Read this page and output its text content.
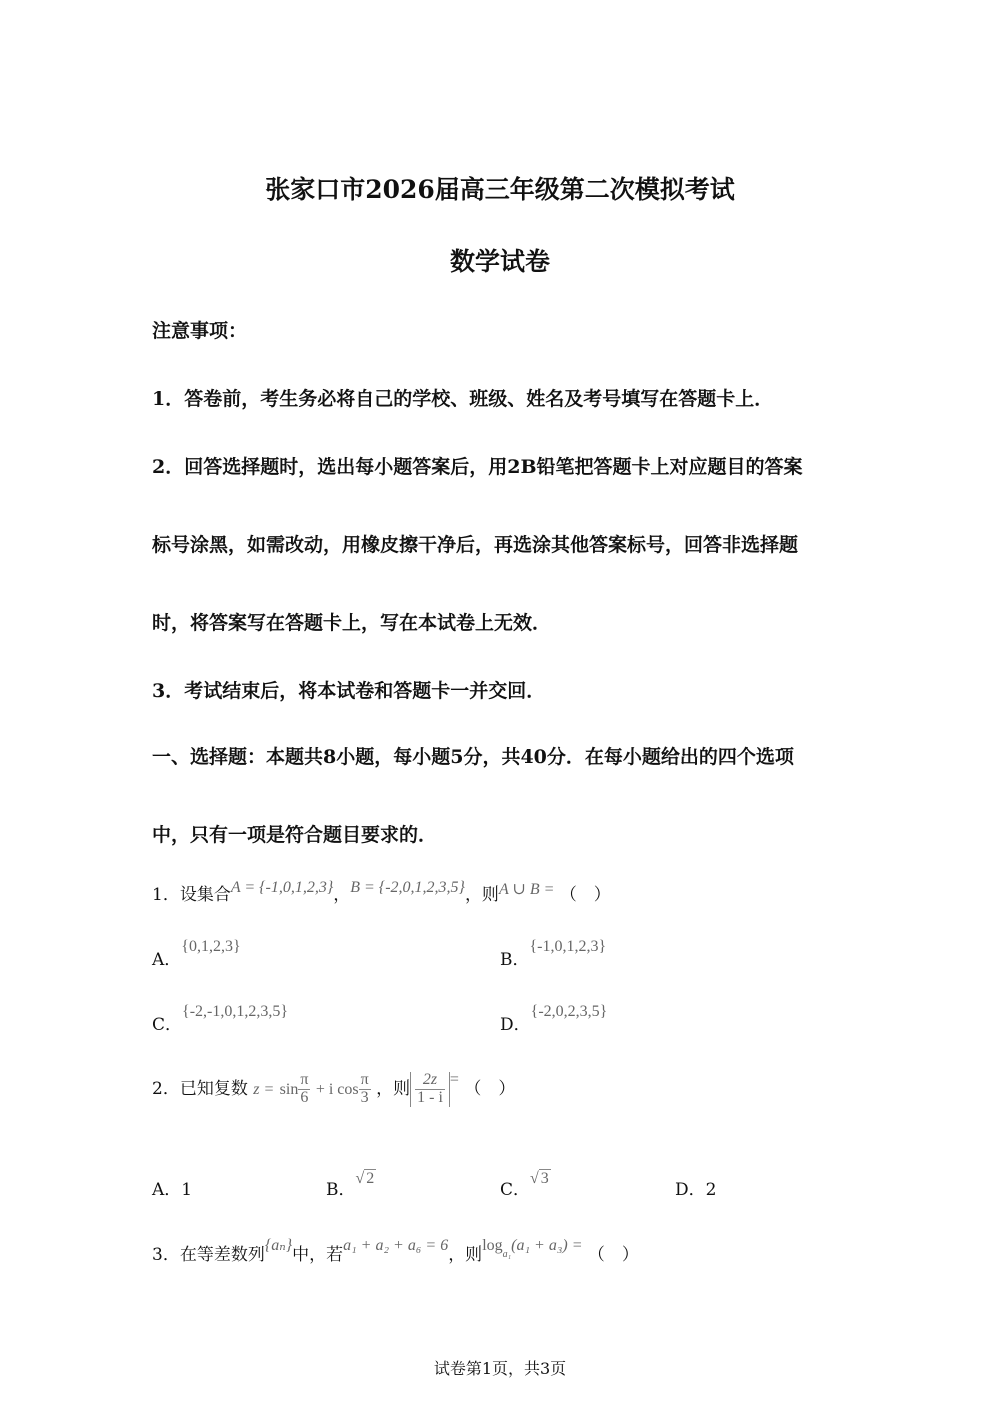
张家口市2026届高三年级第二次模拟考试
数学试卷
注意事项：
1．答卷前，考生务必将自己的学校、班级、姓名及考号填写在答题卡上．
2．回答选择题时，选出每小题答案后，用2B铅笔把答题卡上对应题目的答案
标号涂黑，如需改动，用橡皮擦干净后，再选涂其他答案标号，回答非选择题
时，将答案写在答题卡上，写在本试卷上无效．
3．考试结束后，将本试卷和答题卡一并交回．
一、选择题：本题共8小题，每小题5分，共40分．在每小题给出的四个选项
中，只有一项是符合题目要求的．
1．设集合A = {-1,0,1,2,3}，B = {-2,0,1,2,3,5}，则A ∪ B = （　）
A．{0,1,2,3}
B．{-1,0,1,2,3}
C．{-2,-1,0,1,2,3,5}
D．{-2,0,2,3,5}
2．已知复数 $z = \sin \frac{\pi}{6} + i$ $\cos \frac{\pi}{3}$ ，则 $\frac{2z}{1 - i}$ = （　）
A．1	B．√ 2
C．√ 3
D．2
3．在等差数列{aₙ}中，若a₁ + a₂ + a₆ = 6，则$\log_{a_1}(a_1 + a_3)$ = （　）
试卷第1页，共3页
